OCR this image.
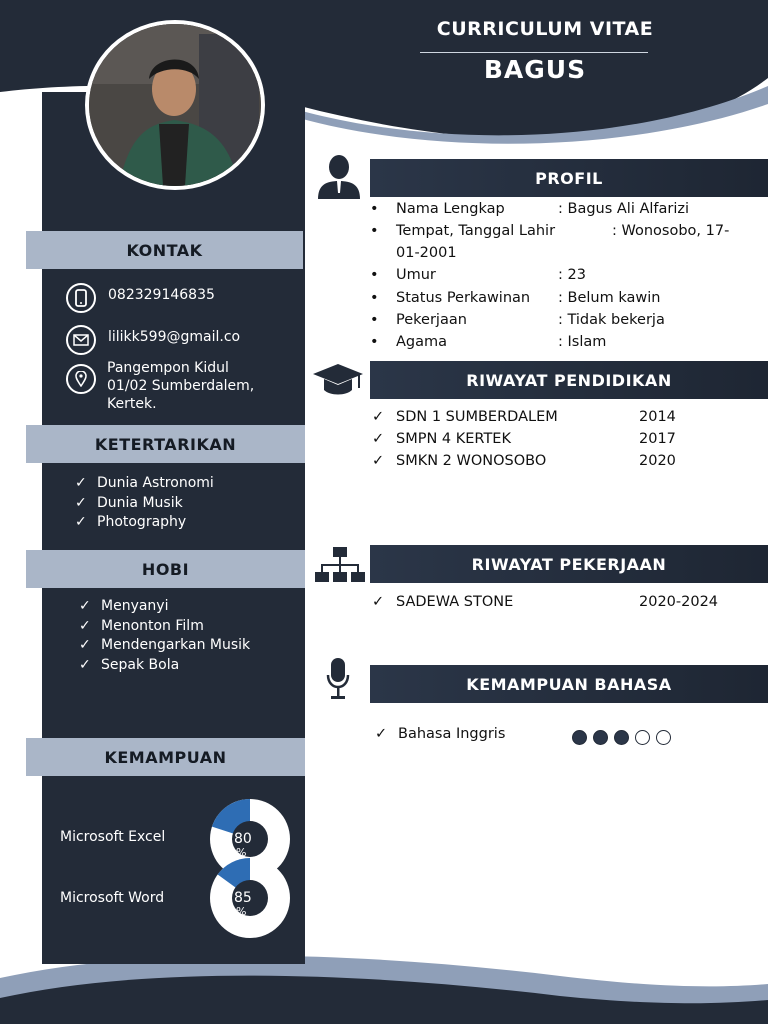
CURRICULUM VITAE
BAGUS
KONTAK
082329146835
lilikk599@gmail.co
Pangempon Kidul
01/02 Sumberdalem,
Kertek.
KETERTARIKAN
✓ Dunia Astronomi
✓ Dunia Musik
✓ Photography
HOBI
✓ Menyanyi
✓ Menonton Film
✓ Mendengarkan Musik
✓ Sepak Bola
KEMAMPUAN
Microsoft Excel
Microsoft Word
80
%
85
%
PROFIL
• Nama Lengkap	: Bagus Ali Alfarizi
• Tempat, Tanggal Lahir	: Wonosobo, 17-
01-2001
• Umur	: 23
• Status Perkawinan : Belum kawin
• Pekerjaan	: Tidak bekerja
• Agama	: Islam
RIWAYAT PENDIDIKAN
✓ SDN 1 SUMBERDALEM	2014
✓ SMPN 4 KERTEK	2017
✓ SMKN 2 WONOSOBO	2020
RIWAYAT PEKERJAAN
✓ SADEWA STONE	2020-2024
KEMAMPUAN BAHASA
✓ Bahasa Inggris
